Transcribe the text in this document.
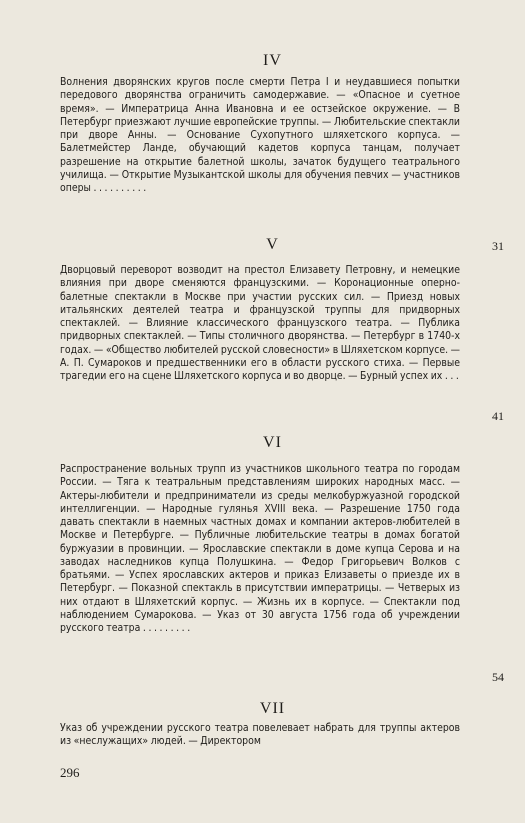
IV
Волнения дворянских кругов после смерти Петра I и неудавшиеся попытки передового дворянства ограничить самодержавие. — «Опасное и суетное время». — Императрица Анна Ивановна и ее остзейское окружение. — В Петербург приезжают лучшие европейские труппы. — Любительские спектакли при дворе Анны. — Основание Сухопутного шляхетского корпуса. — Балетмейстер Ланде, обучающий кадетов корпуса танцам, получает разрешение на открытие балетной школы, зачаток будущего театрального училища. — Открытие Музыкантской школы для обучения певчих — участников оперы . . . . . . . . . .
31
V
Дворцовый переворот возводит на престол Елизавету Петровну, и немецкие влияния при дворе сменяются французскими. — Коронационные оперно-балетные спектакли в Москве при участии русских сил. — Приезд новых итальянских деятелей театра и французской труппы для придворных спектаклей. — Влияние классического французского театра. — Публика придворных спектаклей. — Типы столичного дворянства. — Петербург в 1740-х годах. — «Общество любителей русской словесности» в Шляхетском корпусе. — А. П. Сумароков и предшественники его в области русского стиха. — Первые трагедии его на сцене Шляхетского корпуса и во дворце. — Бурный успех их . . .
41
VI
Распространение вольных трупп из участников школьного театра по городам России. — Тяга к театральным представлениям широких народных масс. — Актеры-любители и предприниматели из среды мелкобуржуазной городской интеллигенции. — Народные гулянья XVIII века. — Разрешение 1750 года давать спектакли в наемных частных домах и компании актеров-любителей в Москве и Петербурге. — Публичные любительские театры в домах богатой буржуазии в провинции. — Ярославские спектакли в доме купца Серова и на заводах наследников купца Полушкина. — Федор Григорьевич Волков с братьями. — Успех ярославских актеров и приказ Елизаветы о приезде их в Петербург. — Показной спектакль в присутствии императрицы. — Четверых из них отдают в Шляхетский корпус. — Жизнь их в корпусе. — Спектакли под наблюдением Сумарокова. — Указ от 30 августа 1756 года об учреждении русского театра . . . . . . . . .
54
VII
Указ об учреждении русского театра повелевает набрать для труппы актеров из «неслужащих» людей. — Директором
296
